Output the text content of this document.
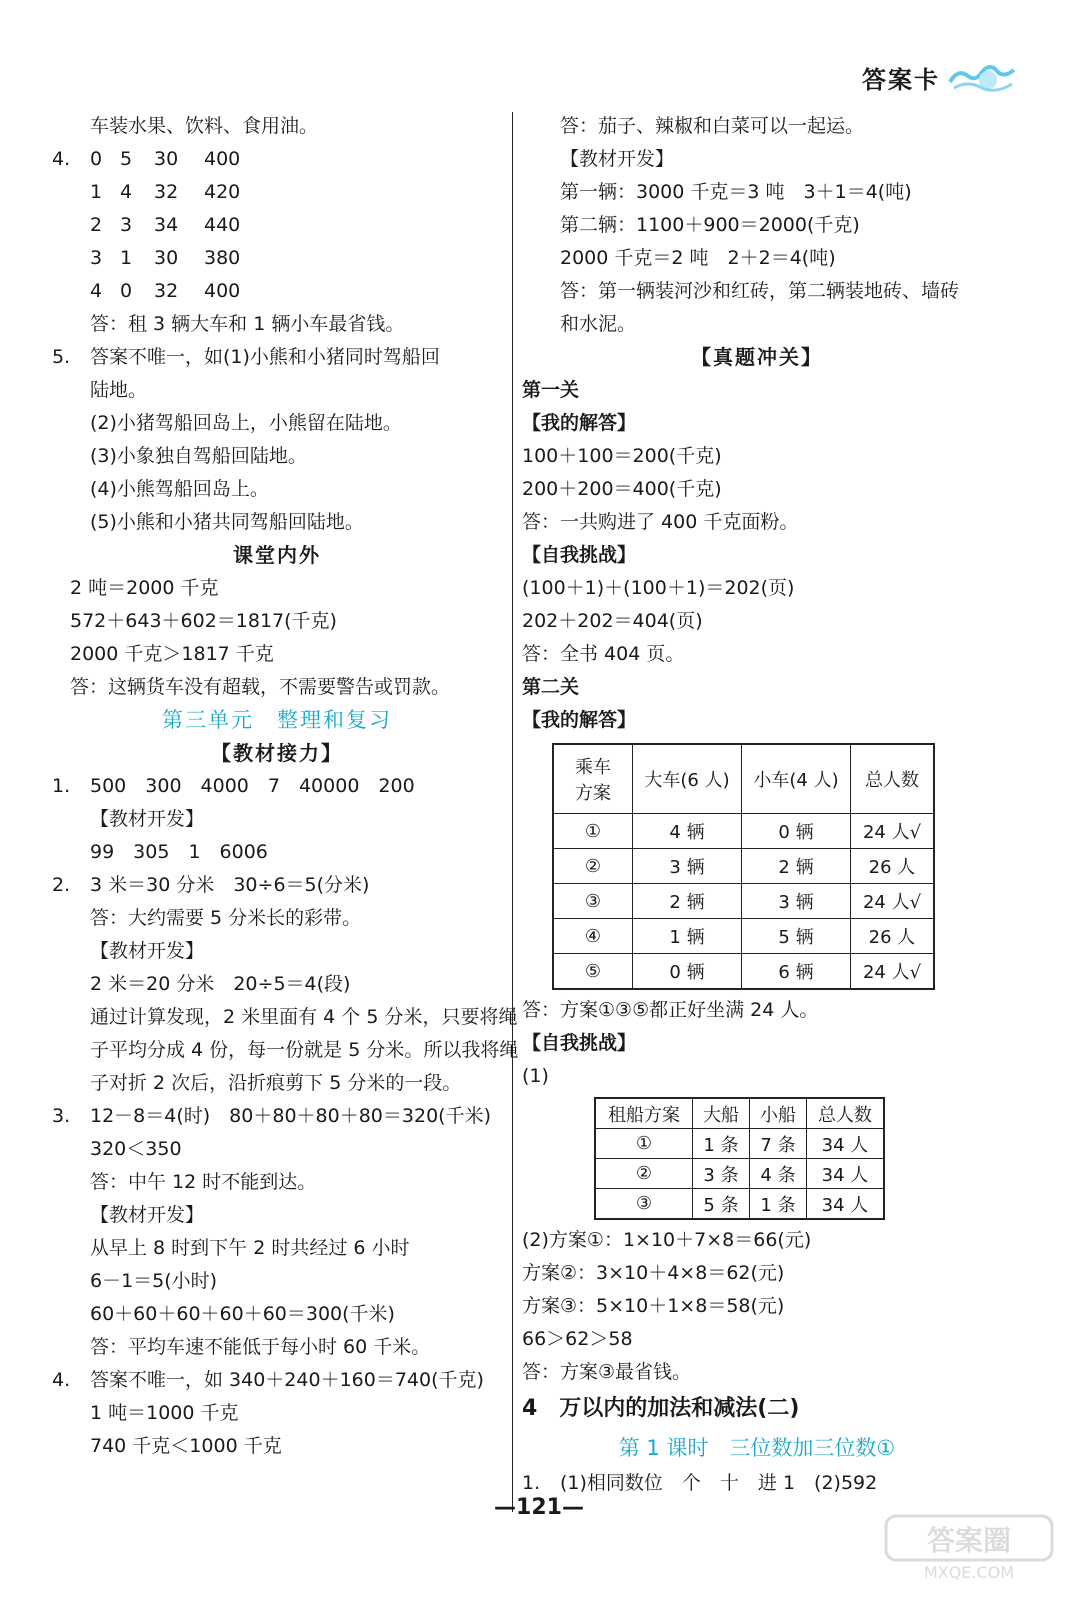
答案卡
车装水果、饮料、食用油。
4. 0 5 30 400
1 4 32 420
2 3 34 440
3 1 30 380
4 0 32 400
答：租 3 辆大车和 1 辆小车最省钱。
5. 答案不唯一，如(1)小熊和小猪同时驾船回
陆地。
(2)小猪驾船回岛上，小熊留在陆地。
(3)小象独自驾船回陆地。
(4)小熊驾船回岛上。
(5)小熊和小猪共同驾船回陆地。
课堂内外
2 吨＝2000 千克
572＋643＋602＝1817(千克)
2000 千克＞1817 千克
答：这辆货车没有超载，不需要警告或罚款。
第三单元　整理和复习
【教材接力】
1. 500　300　4000　7　40000　200
【教材开发】
99　305　1　6006
2. 3 米＝30 分米　30÷6＝5(分米)
答：大约需要 5 分米长的彩带。
【教材开发】
2 米＝20 分米　20÷5＝4(段)
通过计算发现，2 米里面有 4 个 5 分米，只要将绳
子平均分成 4 份，每一份就是 5 分米。所以我将绳
子对折 2 次后，沿折痕剪下 5 分米的一段。
3. 12－8＝4(时)　80＋80＋80＋80＝320(千米)
320＜350
答：中午 12 时不能到达。
【教材开发】
从早上 8 时到下午 2 时共经过 6 小时
6－1＝5(小时)
60＋60＋60＋60＋60＝300(千米)
答：平均车速不能低于每小时 60 千米。
4. 答案不唯一，如 340＋240＋160＝740(千克)
1 吨＝1000 千克
740 千克＜1000 千克
答：茄子、辣椒和白菜可以一起运。
【教材开发】
第一辆：3000 千克＝3 吨　3＋1＝4(吨)
第二辆：1100＋900＝2000(千克)
2000 千克＝2 吨　2＋2＝4(吨)
答：第一辆装河沙和红砖，第二辆装地砖、墙砖
和水泥。
【真题冲关】
第一关
【我的解答】
100＋100＝200(千克)
200＋200＝400(千克)
答：一共购进了 400 千克面粉。
【自我挑战】
(100＋1)＋(100＋1)＝202(页)
202＋202＝404(页)
答：全书 404 页。
第二关
【我的解答】
乘车
方案	大车(6 人)	小车(4 人)	总人数
①	4 辆	0 辆	24 人√
②	3 辆	2 辆	26 人
③	2 辆	3 辆	24 人√
④	1 辆	5 辆	26 人
⑤	0 辆	6 辆	24 人√
答：方案①③⑤都正好坐满 24 人。
【自我挑战】
(1)
租船方案	大船	小船	总人数
①	1 条	7 条	34 人
②	3 条	4 条	34 人
③	5 条	1 条	34 人
(2)方案①：1×10＋7×8＝66(元)
方案②：3×10＋4×8＝62(元)
方案③：5×10＋1×8＝58(元)
66＞62＞58
答：方案③最省钱。
4　万以内的加法和减法(二)
第 1 课时　三位数加三位数①
1. (1)相同数位　个　十　进 1　(2)592
—121—
答案圈
MXQE.COM
